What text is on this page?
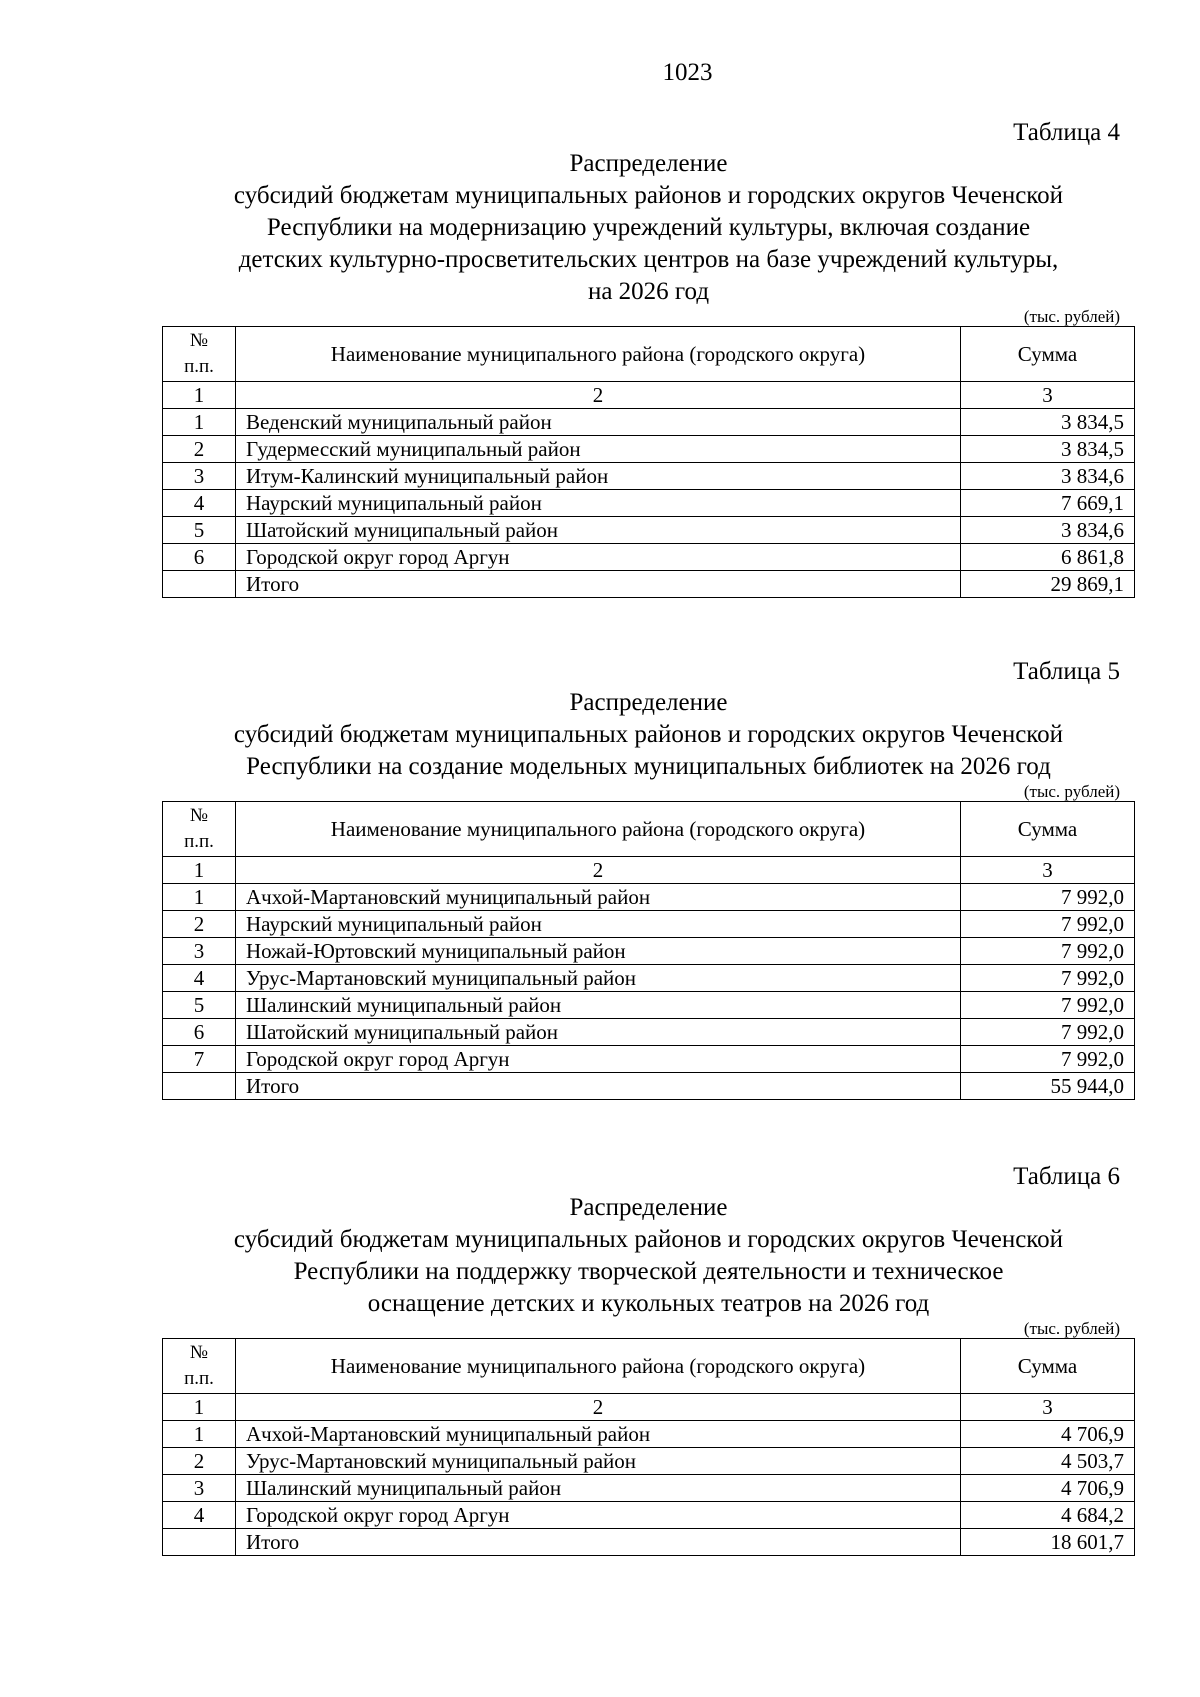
1023
Таблица 4
Распределение
субсидий бюджетам муниципальных районов и городских округов Чеченской
Республики на модернизацию учреждений культуры, включая создание
детских культурно-просветительских центров на базе учреждений культуры,
на 2026 год
(тыс. рублей)
№
п.п.	Наименование муниципального района (городского округа)	Сумма
1	2	3
1	Веденский муниципальный район	3 834,5
2	Гудермесский муниципальный район	3 834,5
3	Итум-Калинский муниципальный район	3 834,6
4	Наурский муниципальный район	7 669,1
5	Шатойский муниципальный район	3 834,6
6	Городской округ город Аргун	6 861,8
	Итого	29 869,1
Таблица 5
Распределение
субсидий бюджетам муниципальных районов и городских округов Чеченской
Республики на создание модельных муниципальных библиотек на 2026 год
(тыс. рублей)
№
п.п.	Наименование муниципального района (городского округа)	Сумма
1	2	3
1	Ачхой-Мартановский муниципальный район	7 992,0
2	Наурский муниципальный район	7 992,0
3	Ножай-Юртовский муниципальный район	7 992,0
4	Урус-Мартановский муниципальный район	7 992,0
5	Шалинский муниципальный район	7 992,0
6	Шатойский муниципальный район	7 992,0
7	Городской округ город Аргун	7 992,0
	Итого	55 944,0
Таблица 6
Распределение
субсидий бюджетам муниципальных районов и городских округов Чеченской
Республики на поддержку творческой деятельности и техническое
оснащение детских и кукольных театров на 2026 год
(тыс. рублей)
№
п.п.	Наименование муниципального района (городского округа)	Сумма
1	2	3
1	Ачхой-Мартановский муниципальный район	4 706,9
2	Урус-Мартановский муниципальный район	4 503,7
3	Шалинский муниципальный район	4 706,9
4	Городской округ город Аргун	4 684,2
	Итого	18 601,7
